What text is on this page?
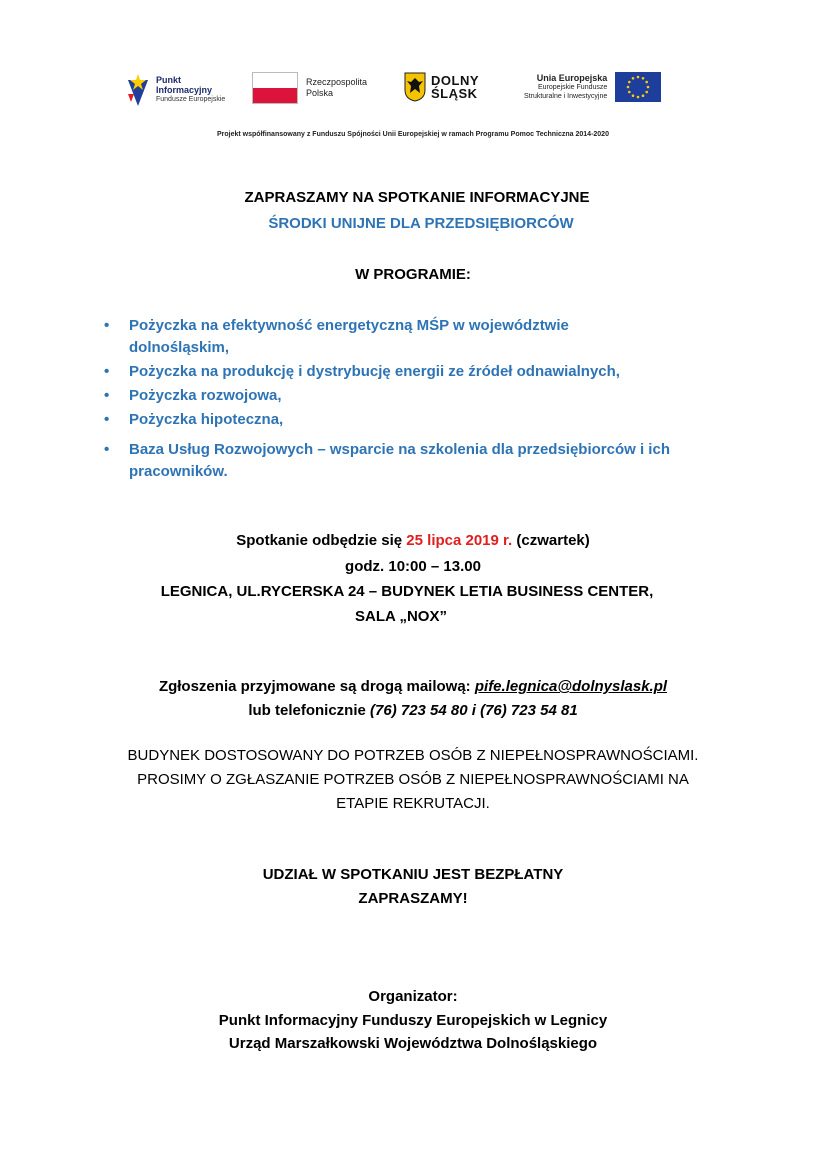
Punkt
Informacyjny
Fundusze Europejskie
Rzeczpospolita
Polska
DOLNY
ŚLĄSK
Unia Europejska
Europejskie Fundusze
Strukturalne i Inwestycyjne
Projekt współfinansowany z Funduszu Spójności Unii Europejskiej w ramach Programu Pomoc Techniczna 2014-2020
ZAPRASZAMY NA SPOTKANIE INFORMACYJNE
ŚRODKI UNIJNE DLA PRZEDSIĘBIORCÓW
W PROGRAMIE:
• Pożyczka na efektywność energetyczną MŚP w województwie
dolnośląskim,
• Pożyczka na produkcję i dystrybucję energii ze źródeł odnawialnych,
• Pożyczka rozwojowa,
• Pożyczka hipoteczna,
• Baza Usług Rozwojowych – wsparcie na szkolenia dla przedsiębiorców i ich
pracowników.
Spotkanie odbędzie się 25 lipca 2019 r. (czwartek)
godz. 10:00 – 13.00
LEGNICA, UL.RYCERSKA 24 – BUDYNEK LETIA BUSINESS CENTER,
SALA „NOX”
Zgłoszenia przyjmowane są drogą mailową: pife.legnica@dolnyslask.pl
lub telefonicznie (76) 723 54 80 i (76) 723 54 81
BUDYNEK DOSTOSOWANY DO POTRZEB OSÓB Z NIEPEŁNOSPRAWNOŚCIAMI.
PROSIMY O ZGŁASZANIE POTRZEB OSÓB Z NIEPEŁNOSPRAWNOŚCIAMI NA
ETAPIE REKRUTACJI.
UDZIAŁ W SPOTKANIU JEST BEZPŁATNY
ZAPRASZAMY!
Organizator:
Punkt Informacyjny Funduszy Europejskich w Legnicy
Urząd Marszałkowski Województwa Dolnośląskiego
